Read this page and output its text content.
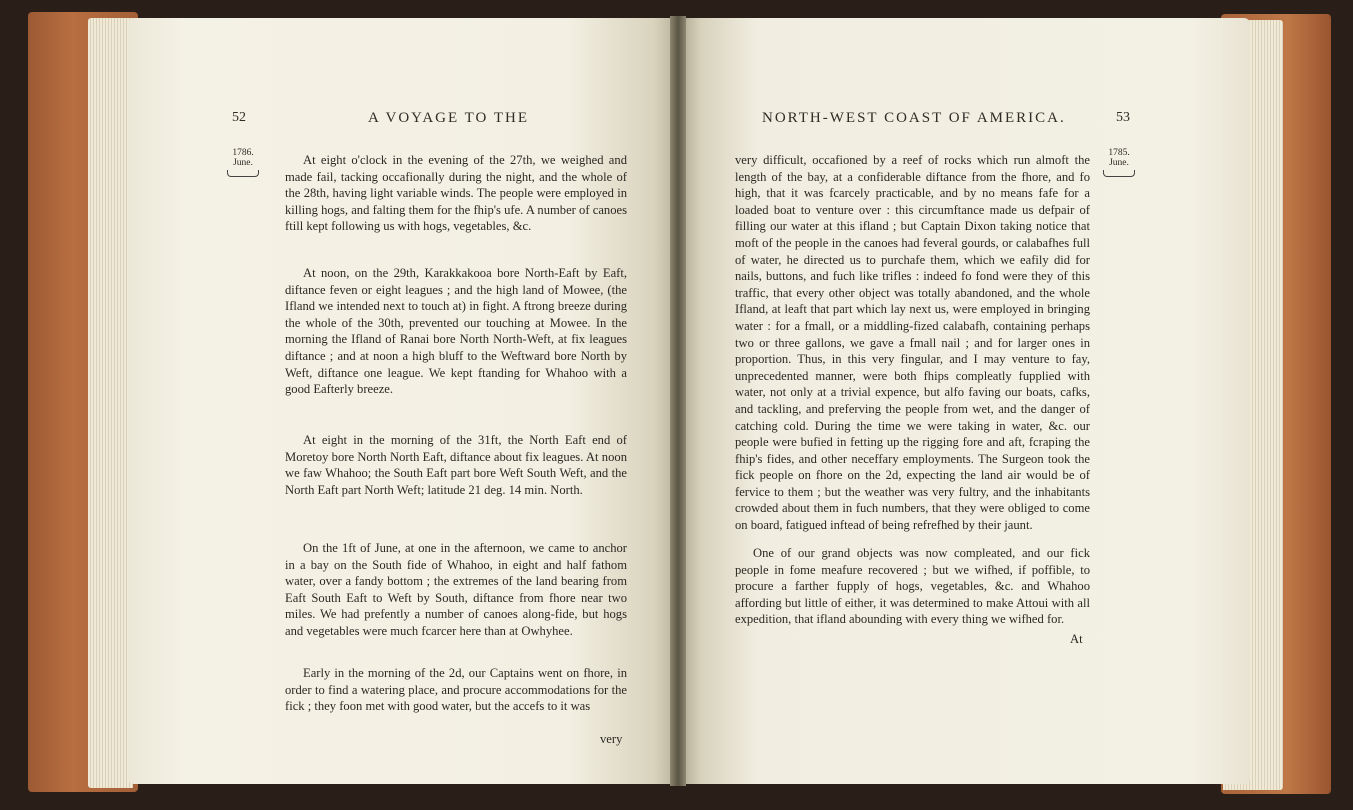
52	A VOYAGE TO THE
1786.
June.	At eight o'clock in the evening of the 27th, we weighed and made fail, tacking occafionally during the night, and the whole of the 28th, having light variable winds. The people were employed in killing hogs, and falting them for the fhip's ufe. A number of canoes ftill kept following us with hogs, vegetables, &c.

At noon, on the 29th, Karakkakooa bore North-Eaft by Eaft, diftance feven or eight leagues ; and the high land of Mowee, (the Ifland we intended next to touch at) in fight. A ftrong breeze during the whole of the 30th, prevented our touching at Mowee. In the morning the Ifland of Ranai bore North North-Weft, at fix leagues diftance ; and at noon a high bluff to the Weftward bore North by Weft, diftance one league. We kept ftanding for Whahoo with a good Eafterly breeze.

At eight in the morning of the 31ft, the North Eaft end of Moretoy bore North North Eaft, diftance about fix leagues. At noon we faw Whahoo; the South Eaft part bore Weft South Weft, and the North Eaft part North Weft; latitude 21 deg. 14 min. North.

On the 1ft of June, at one in the afternoon, we came to anchor in a bay on the South fide of Whahoo, in eight and half fathom water, over a fandy bottom ; the extremes of the land bearing from Eaft South Eaft to Weft by South, diftance from fhore near two miles. We had prefently a number of canoes along-fide, but hogs and vegetables were much fcarcer here than at Owhyhee.

Early in the morning of the 2d, our Captains went on fhore, in order to find a watering place, and procure accommodations for the fick ; they foon met with good water, but the accefs to it was

very
NORTH-WEST COAST OF AMERICA.	53
1785.
June.

very difficult, occafioned by a reef of rocks which run almoft the length of the bay, at a confiderable diftance from the fhore, and fo high, that it was fcarcely practicable, and by no means fafe for a loaded boat to venture over : this circumftance made us defpair of filling our water at this ifland ; but Captain Dixon taking notice that moft of the people in the canoes had feveral gourds, or calabafhes full of water, he directed us to purchafe them, which we eafily did for nails, buttons, and fuch like trifles : indeed fo fond were they of this traffic, that every other object was totally abandoned, and the whole Ifland, at leaft that part which lay next us, were employed in bringing water : for a fmall, or a middling-fized calabafh, containing perhaps two or three gallons, we gave a fmall nail ; and for larger ones in proportion. Thus, in this very fingular, and I may venture to fay, unprecedented manner, were both fhips compleatly fupplied with water, not only at a trivial expence, but alfo faving our boats, cafks, and tackling, and preferving the people from wet, and the danger of catching cold. During the time we were taking in water, &c. our people were bufied in fetting up the rigging fore and aft, fcraping the fhip's fides, and other neceffary employments. The Surgeon took the fick people on fhore on the 2d, expecting the land air would be of fervice to them ; but the weather was very fultry, and the inhabitants crowded about them in fuch numbers, that they were obliged to come on board, fatigued inftead of being refrefhed by their jaunt.

One of our grand objects was now compleated, and our fick people in fome meafure recovered ; but we wifhed, if poffible, to procure a farther fupply of hogs, vegetables, &c. and Whahoo affording but little of either, it was determined to make Attoui with all expedition, that ifland abounding with every thing we wifhed for.

At
